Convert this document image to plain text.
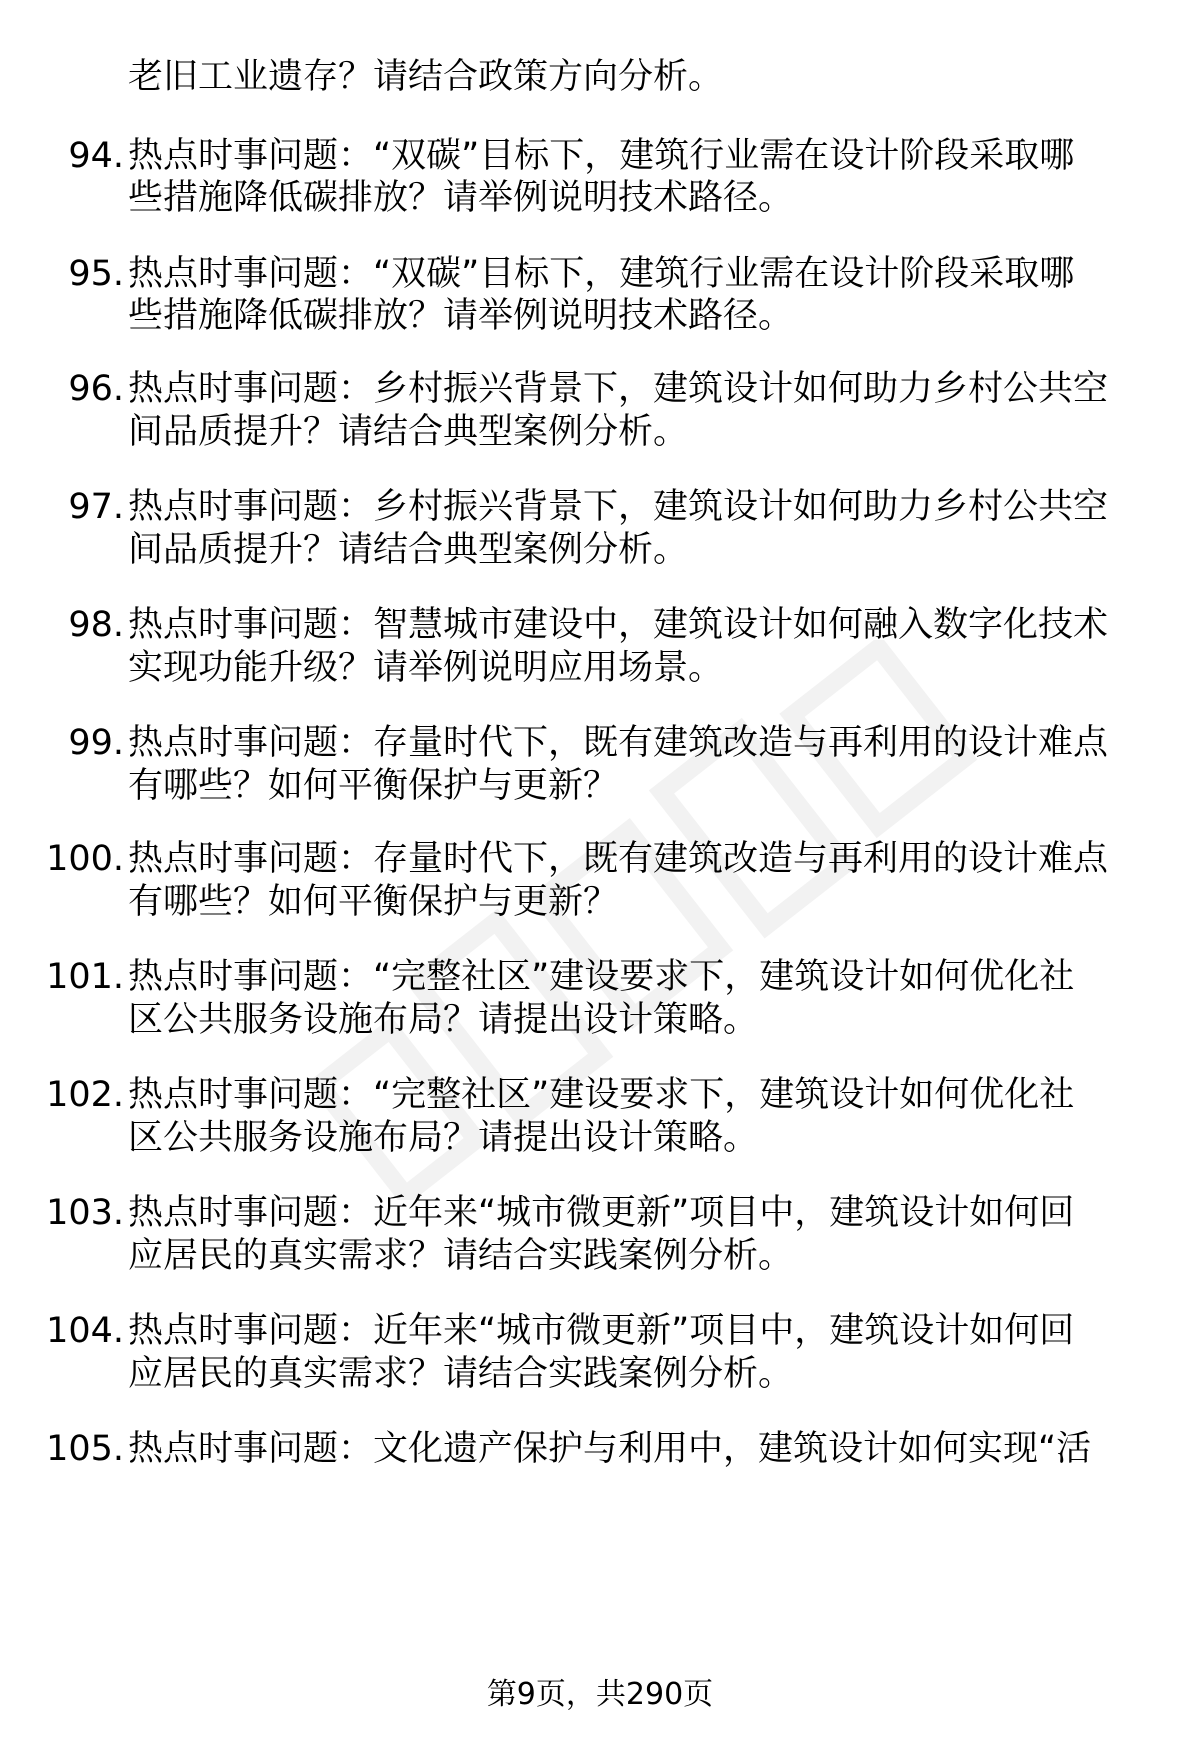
老旧工业遗存？请结合政策方向分析。
94. 热点时事问题：“双碳”目标下，建筑行业需在设计阶段采取哪
些措施降低碳排放？请举例说明技术路径。
95. 热点时事问题：“双碳”目标下，建筑行业需在设计阶段采取哪
些措施降低碳排放？请举例说明技术路径。
96. 热点时事问题：乡村振兴背景下，建筑设计如何助力乡村公共空
间品质提升？请结合典型案例分析。
97. 热点时事问题：乡村振兴背景下，建筑设计如何助力乡村公共空
间品质提升？请结合典型案例分析。
98. 热点时事问题：智慧城市建设中，建筑设计如何融入数字化技术
实现功能升级？请举例说明应用场景。
99. 热点时事问题：存量时代下，既有建筑改造与再利用的设计难点
有哪些？如何平衡保护与更新？
100. 热点时事问题：存量时代下，既有建筑改造与再利用的设计难点
有哪些？如何平衡保护与更新？
101. 热点时事问题：“完整社区”建设要求下，建筑设计如何优化社
区公共服务设施布局？请提出设计策略。
102. 热点时事问题：“完整社区”建设要求下，建筑设计如何优化社
区公共服务设施布局？请提出设计策略。
103. 热点时事问题：近年来“城市微更新”项目中，建筑设计如何回
应居民的真实需求？请结合实践案例分析。
104. 热点时事问题：近年来“城市微更新”项目中，建筑设计如何回
应居民的真实需求？请结合实践案例分析。
105. 热点时事问题：文化遗产保护与利用中，建筑设计如何实现“活
第9页，共290页
